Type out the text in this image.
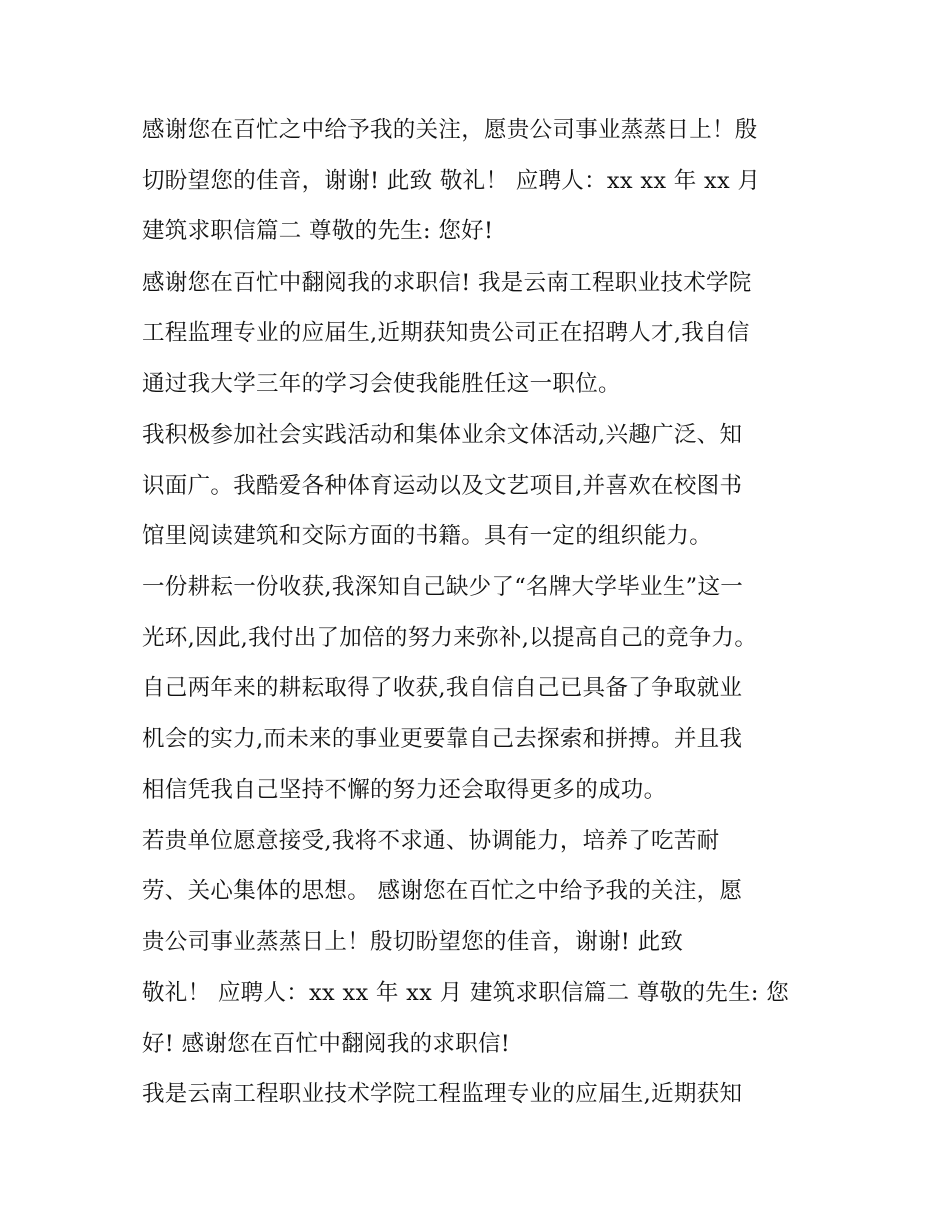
感谢您在百忙之中给予我的关注，愿贵公司事业蒸蒸日上！殷

切盼望您的佳音，谢谢! 此致 敬礼！ 应聘人：xx xx 年 xx 月

建筑求职信篇二 尊敬的先生: 您好!

感谢您在百忙中翻阅我的求职信! 我是云南工程职业技术学院

工程监理专业的应届生,近期获知贵公司正在招聘人才,我自信

通过我大学三年的学习会使我能胜任这一职位。

我积极参加社会实践活动和集体业余文体活动,兴趣广泛、知

识面广。我酷爱各种体育运动以及文艺项目,并喜欢在校图书

馆里阅读建筑和交际方面的书籍。具有一定的组织能力。

一份耕耘一份收获,我深知自己缺少了“名牌大学毕业生”这一

光环,因此,我付出了加倍的努力来弥补,以提高自己的竞争力。

自己两年来的耕耘取得了收获,我自信自己已具备了争取就业

机会的实力,而未来的事业更要靠自己去探索和拼搏。并且我

相信凭我自己坚持不懈的努力还会取得更多的成功。

若贵单位愿意接受,我将不求通、协调能力，培养了吃苦耐

劳、关心集体的思想。 感谢您在百忙之中给予我的关注，愿

贵公司事业蒸蒸日上！殷切盼望您的佳音，谢谢! 此致

敬礼！ 应聘人：xx xx 年 xx 月 建筑求职信篇二 尊敬的先生: 您

好! 感谢您在百忙中翻阅我的求职信!

我是云南工程职业技术学院工程监理专业的应届生,近期获知
